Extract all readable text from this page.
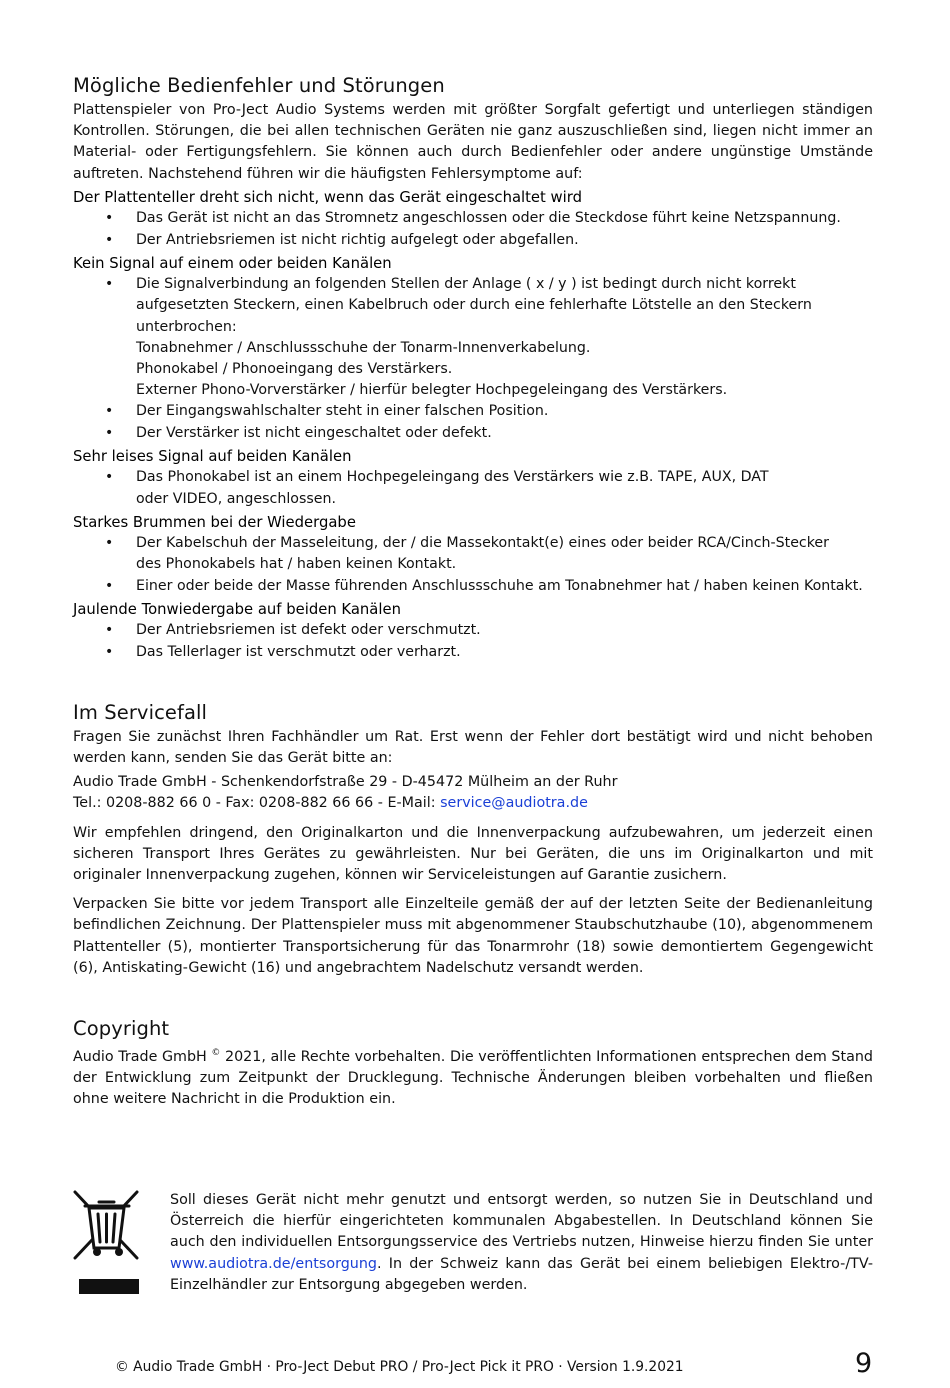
Mögliche Bedienfehler und Störungen

Plattenspieler von Pro-Ject Audio Systems werden mit größter Sorgfalt gefertigt und unterliegen ständigen Kontrollen. Störungen, die bei allen technischen Geräten nie ganz auszuschließen sind, liegen nicht immer an Material- oder Fertigungsfehlern. Sie können auch durch Bedienfehler oder andere ungünstige Umstände auftreten. Nachstehend führen wir die häufigsten Fehlersymptome auf:

Der Plattenteller dreht sich nicht, wenn das Gerät eingeschaltet wird
• Das Gerät ist nicht an das Stromnetz angeschlossen oder die Steckdose führt keine Netzspannung.
• Der Antriebsriemen ist nicht richtig aufgelegt oder abgefallen.
Kein Signal auf einem oder beiden Kanälen
• Die Signalverbindung an folgenden Stellen der Anlage ( x / y ) ist bedingt durch nicht korrekt
aufgesetzten Steckern, einen Kabelbruch oder durch eine fehlerhafte Lötstelle an den Steckern
unterbrochen:
Tonabnehmer / Anschlussschuhe der Tonarm-Innenverkabelung.
Phonokabel / Phonoeingang des Verstärkers.
Externer Phono-Vorverstärker / hierfür belegter Hochpegeleingang des Verstärkers.
• Der Eingangswahlschalter steht in einer falschen Position.
• Der Verstärker ist nicht eingeschaltet oder defekt.
Sehr leises Signal auf beiden Kanälen
• Das Phonokabel ist an einem Hochpegeleingang des Verstärkers wie z.B. TAPE, AUX, DAT
oder VIDEO, angeschlossen.
Starkes Brummen bei der Wiedergabe
• Der Kabelschuh der Masseleitung, der / die Massekontakt(e) eines oder beider RCA/Cinch-Stecker
des Phonokabels hat / haben keinen Kontakt.
• Einer oder beide der Masse führenden Anschlussschuhe am Tonabnehmer hat / haben keinen Kontakt.
Jaulende Tonwiedergabe auf beiden Kanälen
• Der Antriebsriemen ist defekt oder verschmutzt.
• Das Tellerlager ist verschmutzt oder verharzt.
Im Servicefall

Fragen Sie zunächst Ihren Fachhändler um Rat. Erst wenn der Fehler dort bestätigt wird und nicht behoben werden kann, senden Sie das Gerät bitte an:

Audio Trade GmbH - Schenkendorfstraße 29 - D-45472 Mülheim an der Ruhr

Tel.: 0208-882 66 0 - Fax: 0208-882 66 66 - E-Mail: service@audiotra.de

Wir empfehlen dringend, den Originalkarton und die Innenverpackung aufzubewahren, um jederzeit einen sicheren Transport Ihres Gerätes zu gewährleisten. Nur bei Geräten, die uns im Originalkarton und mit originaler Innenverpackung zugehen, können wir Serviceleistungen auf Garantie zusichern.

Verpacken Sie bitte vor jedem Transport alle Einzelteile gemäß der auf der letzten Seite der Bedienanleitung befindlichen Zeichnung. Der Plattenspieler muss mit abgenommener Staubschutzhaube (10), abgenommenem Plattenteller (5), montierter Transportsicherung für das Tonarmrohr (18) sowie demontiertem Gegengewicht (6), Antiskating-Gewicht (16) und angebrachtem Nadelschutz versandt werden.

Copyright

Audio Trade GmbH © 2021, alle Rechte vorbehalten. Die veröffentlichten Informationen entsprechen dem Stand der Entwicklung zum Zeitpunkt der Drucklegung. Technische Änderungen bleiben vorbehalten und fließen ohne weitere Nachricht in die Produktion ein.

Soll dieses Gerät nicht mehr genutzt und entsorgt werden, so nutzen Sie in Deutschland und Österreich die hierfür eingerichteten kommunalen Abgabestellen. In Deutschland können Sie auch den individuellen Entsorgungsservice des Vertriebs nutzen, Hinweise hierzu finden Sie unter www.audiotra.de/entsorgung. In der Schweiz kann das Gerät bei einem beliebigen Elektro-/TV-Einzelhändler zur Entsorgung abgegeben werden.

© Audio Trade GmbH · Pro-Ject Debut PRO / Pro-Ject Pick it PRO · Version 1.9.2021	9
